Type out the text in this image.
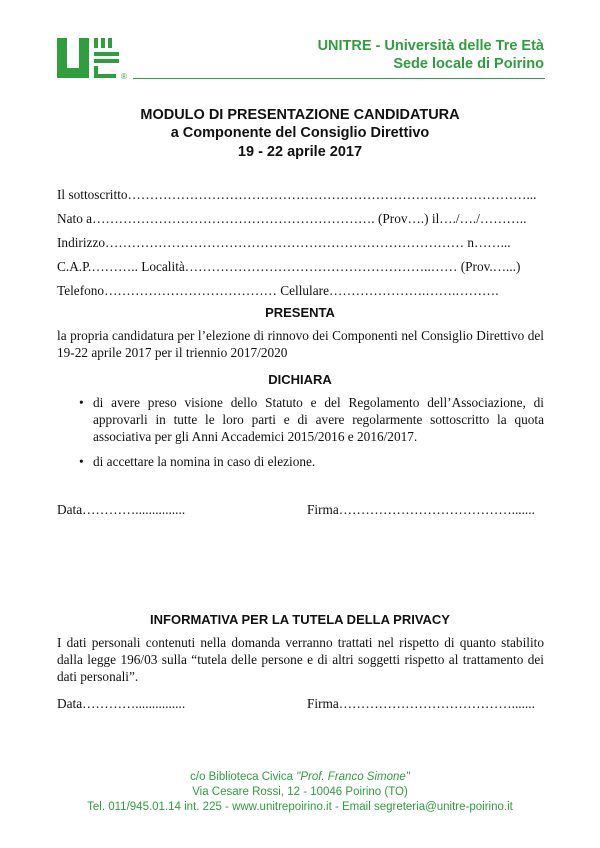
®
UNITRE - Università delle Tre Età
Sede locale di Poirino
MODULO DI PRESENTAZIONE CANDIDATURA
a Componente del Consiglio Direttivo
19 - 22 aprile 2017
Il sottoscritto………………………………………………………………………………...
Nato a………………………………………………………. (Prov….) il…./…./………..
Indirizzo……………………………………………………………………… n……...
C.A.P.……….. Località………………………………………………..…… (Prov.…...)
Telefono………………………………… Cellulare………………….…….……….
PRESENTA
la propria candidatura per l’elezione di rinnovo dei Componenti nel Consiglio Direttivo del 19-22 aprile 2017 per il triennio 2017/2020
DICHIARA
• di avere preso visione dello Statuto e del Regolamento dell’Associazione, di approvarli in tutte le loro parti e di avere regolarmente sottoscritto la quota associativa per gli Anni Accademici 2015/2016 e 2016/2017.
• di accettare la nomina in caso di elezione.
Data…………...............	Firma………………………………….......
INFORMATIVA PER LA TUTELA DELLA PRIVACY
I dati personali contenuti nella domanda verranno trattati nel rispetto di quanto stabilito dalla legge 196/03 sulla “tutela delle persone e di altri soggetti rispetto al trattamento dei dati personali”.
Data…………...............	Firma………………………………….......
c/o Biblioteca Civica "Prof. Franco Simone"
Via Cesare Rossi, 12 - 10046 Poirino (TO)
Tel. 011/945.01.14 int. 225 - www.unitrepoirino.it - Email segreteria@unitre-poirino.it
